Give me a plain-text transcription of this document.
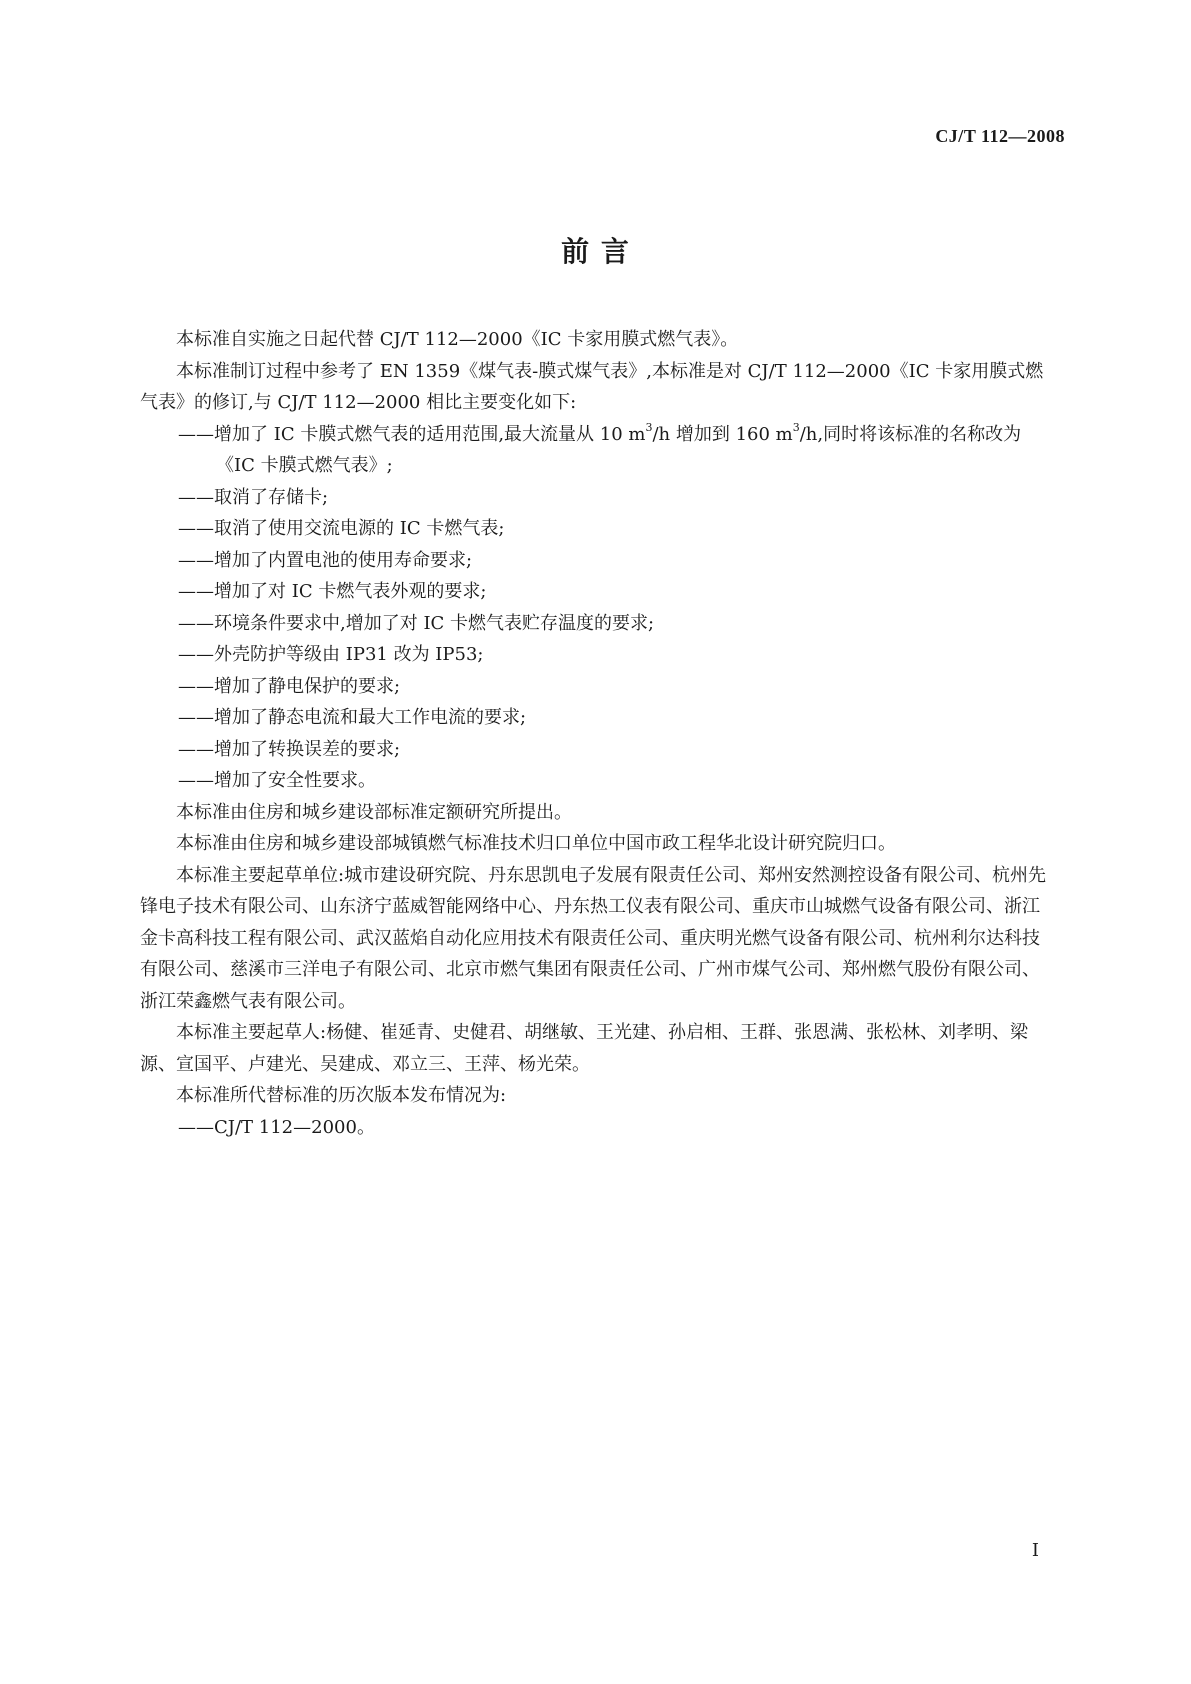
CJ/T 112—2008
前 言

本标准自实施之日起代替 CJ/T 112—2000《IC 卡家用膜式燃气表》。

本标准制订过程中参考了 EN 1359《煤气表-膜式煤气表》,本标准是对 CJ/T 112—2000《IC 卡家用膜式燃气表》的修订,与 CJ/T 112—2000 相比主要变化如下:

——增加了 IC 卡膜式燃气表的适用范围,最大流量从 10 $m^3/h$ 增加到 160 $m^3/h$,同时将该标准的名称改为《IC 卡膜式燃气表》;

——取消了存储卡;

——取消了使用交流电源的 IC 卡燃气表;

——增加了内置电池的使用寿命要求;

——增加了对 IC 卡燃气表外观的要求;

——环境条件要求中,增加了对 IC 卡燃气表贮存温度的要求;

——外壳防护等级由 IP31 改为 IP53;

——增加了静电保护的要求;

——增加了静态电流和最大工作电流的要求;

——增加了转换误差的要求;

——增加了安全性要求。

本标准由住房和城乡建设部标准定额研究所提出。

本标准由住房和城乡建设部城镇燃气标准技术归口单位中国市政工程华北设计研究院归口。

本标准主要起草单位:城市建设研究院、丹东思凯电子发展有限责任公司、郑州安然测控设备有限公司、杭州先锋电子技术有限公司、山东济宁蓝威智能网络中心、丹东热工仪表有限公司、重庆市山城燃气设备有限公司、浙江金卡高科技工程有限公司、武汉蓝焰自动化应用技术有限责任公司、重庆明光燃气设备有限公司、杭州利尔达科技有限公司、慈溪市三洋电子有限公司、北京市燃气集团有限责任公司、广州市煤气公司、郑州燃气股份有限公司、浙江荣鑫燃气表有限公司。

本标准主要起草人:杨健、崔延青、史健君、胡继敏、王光建、孙启相、王群、张恩满、张松林、刘孝明、梁源、宣国平、卢建光、吴建成、邓立三、王萍、杨光荣。

本标准所代替标准的历次版本发布情况为:

——CJ/T 112—2000。

I
